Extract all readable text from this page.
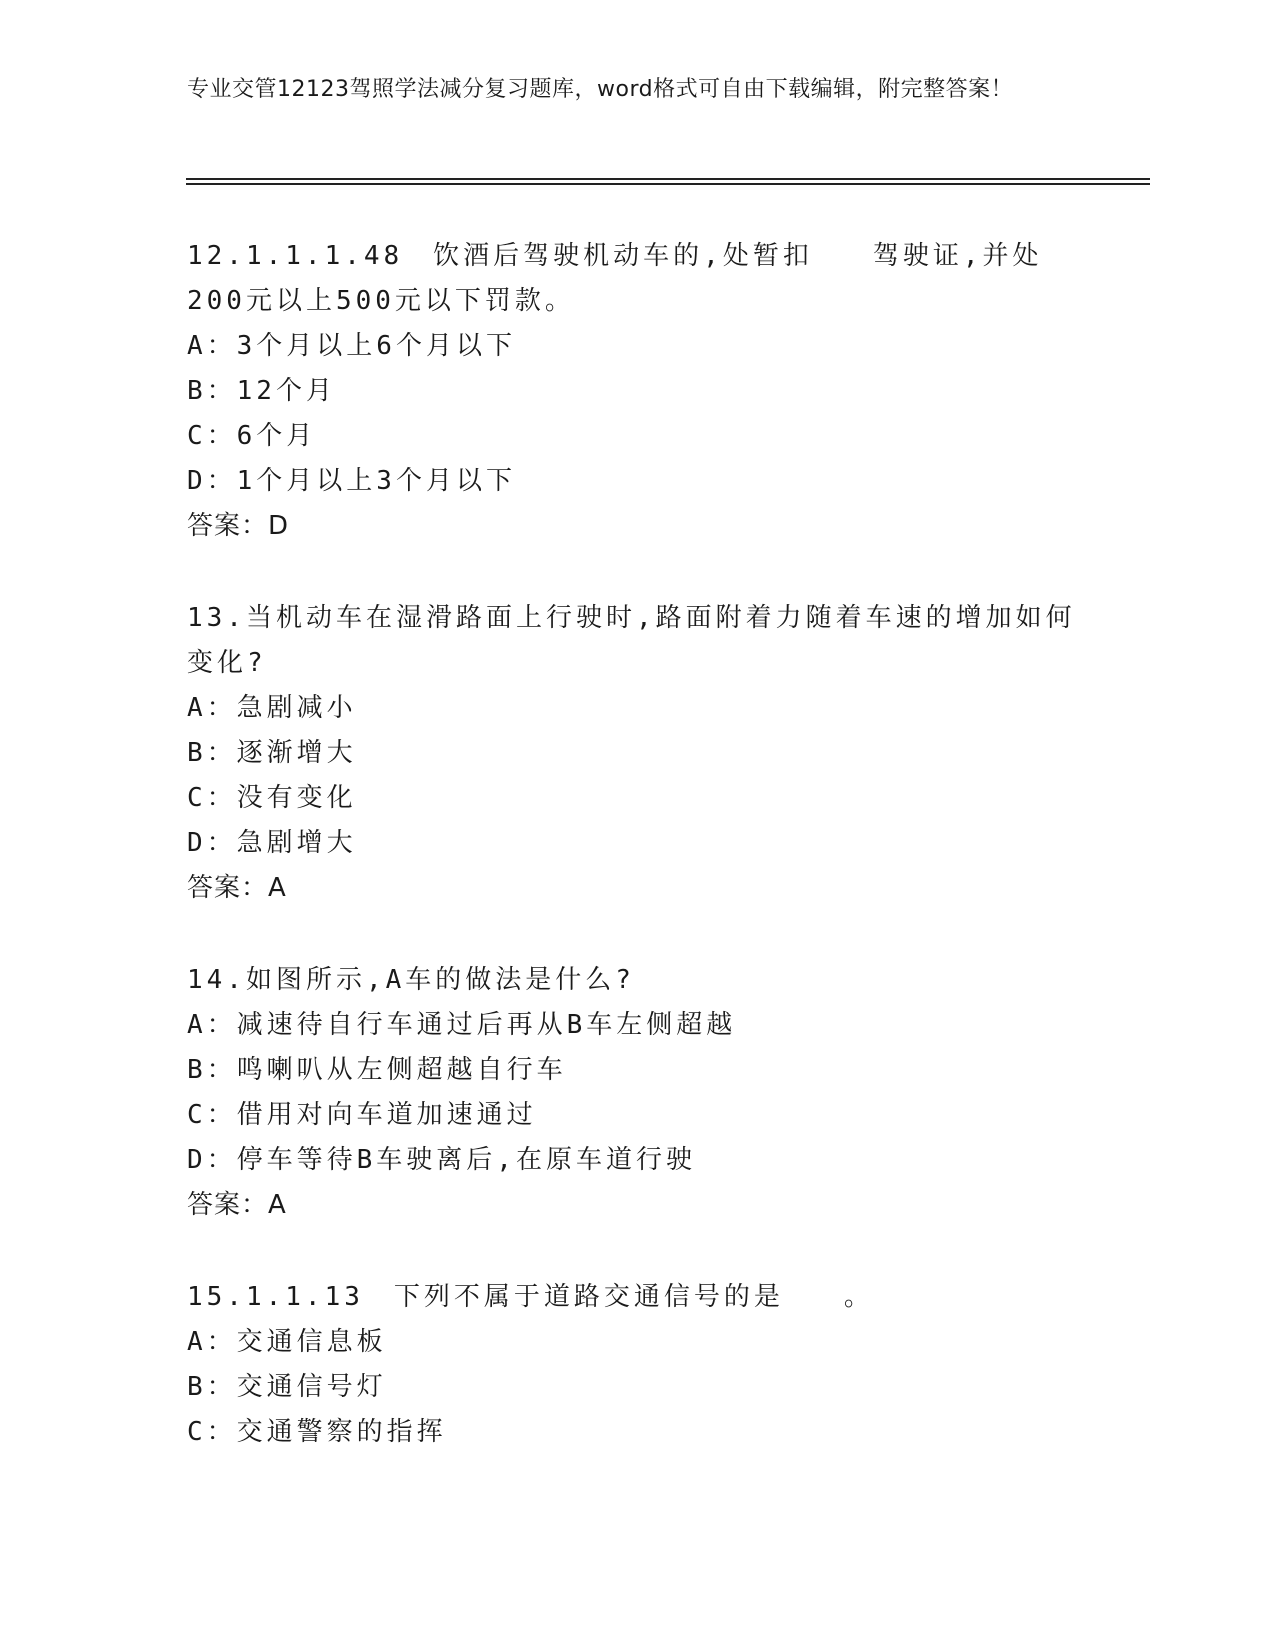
专业交管12123驾照学法减分复习题库，word格式可自由下载编辑，附完整答案！
12.1.1.1.48　饮酒后驾驶机动车的,处暂扣　　驾驶证,并处200元以上500元以下罚款。
A：3个月以上6个月以下
B：12个月
C：6个月
D：1个月以上3个月以下
答案：D
13.当机动车在湿滑路面上行驶时,路面附着力随着车速的增加如何变化?
A：急剧减小
B：逐渐增大
C：没有变化
D：急剧增大
答案：A
14.如图所示,A车的做法是什么?
A：减速待自行车通过后再从B车左侧超越
B：鸣喇叭从左侧超越自行车
C：借用对向车道加速通过
D：停车等待B车驶离后,在原车道行驶
答案：A
15.1.1.13　下列不属于道路交通信号的是　　。
A：交通信息板
B：交通信号灯
C：交通警察的指挥
